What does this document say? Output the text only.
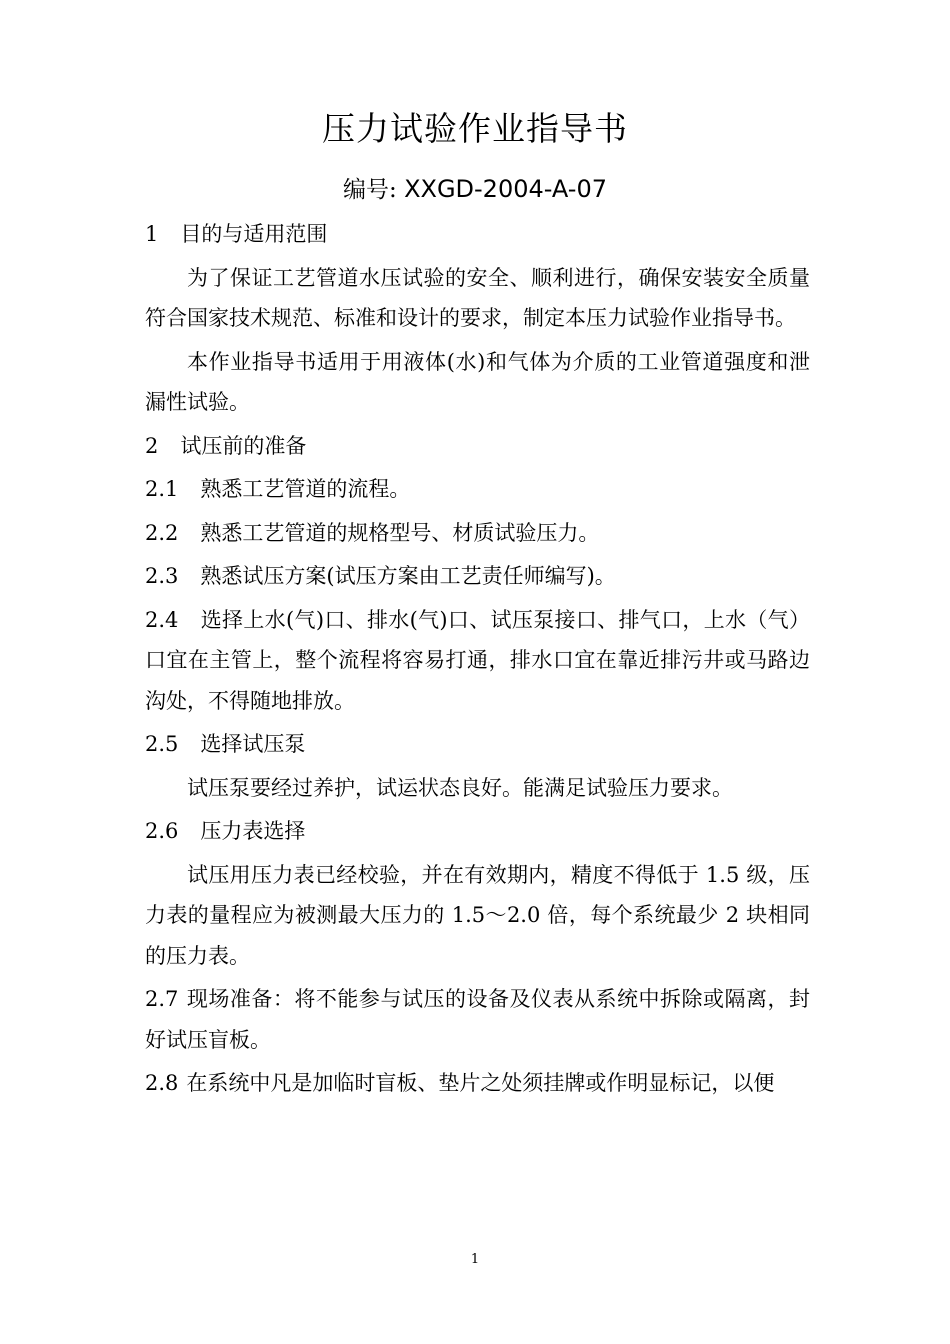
压力试验作业指导书
编号: XXGD-2004-A-07

1 目的与适用范围

为了保证工艺管道水压试验的安全、顺利进行，确保安装安全质量符合国家技术规范、标准和设计的要求，制定本压力试验作业指导书。

本作业指导书适用于用液体(水)和气体为介质的工业管道强度和泄漏性试验。

2 试压前的准备

2.1 熟悉工艺管道的流程。

2.2 熟悉工艺管道的规格型号、材质试验压力。

2.3 熟悉试压方案(试压方案由工艺责任师编写)。

2.4 选择上水(气)口、排水(气)口、试压泵接口、排气口，上水（气）口宜在主管上，整个流程将容易打通，排水口宜在靠近排污井或马路边沟处，不得随地排放。

2.5 选择试压泵

试压泵要经过养护，试运状态良好。能满足试验压力要求。

2.6 压力表选择

试压用压力表已经校验，并在有效期内，精度不得低于 1.5 级，压力表的量程应为被测最大压力的 1.5～2.0 倍，每个系统最少 2 块相同的压力表。

2.7 现场准备：将不能参与试压的设备及仪表从系统中拆除或隔离，封好试压盲板。

2.8 在系统中凡是加临时盲板、垫片之处须挂牌或作明显标记，以便

1
